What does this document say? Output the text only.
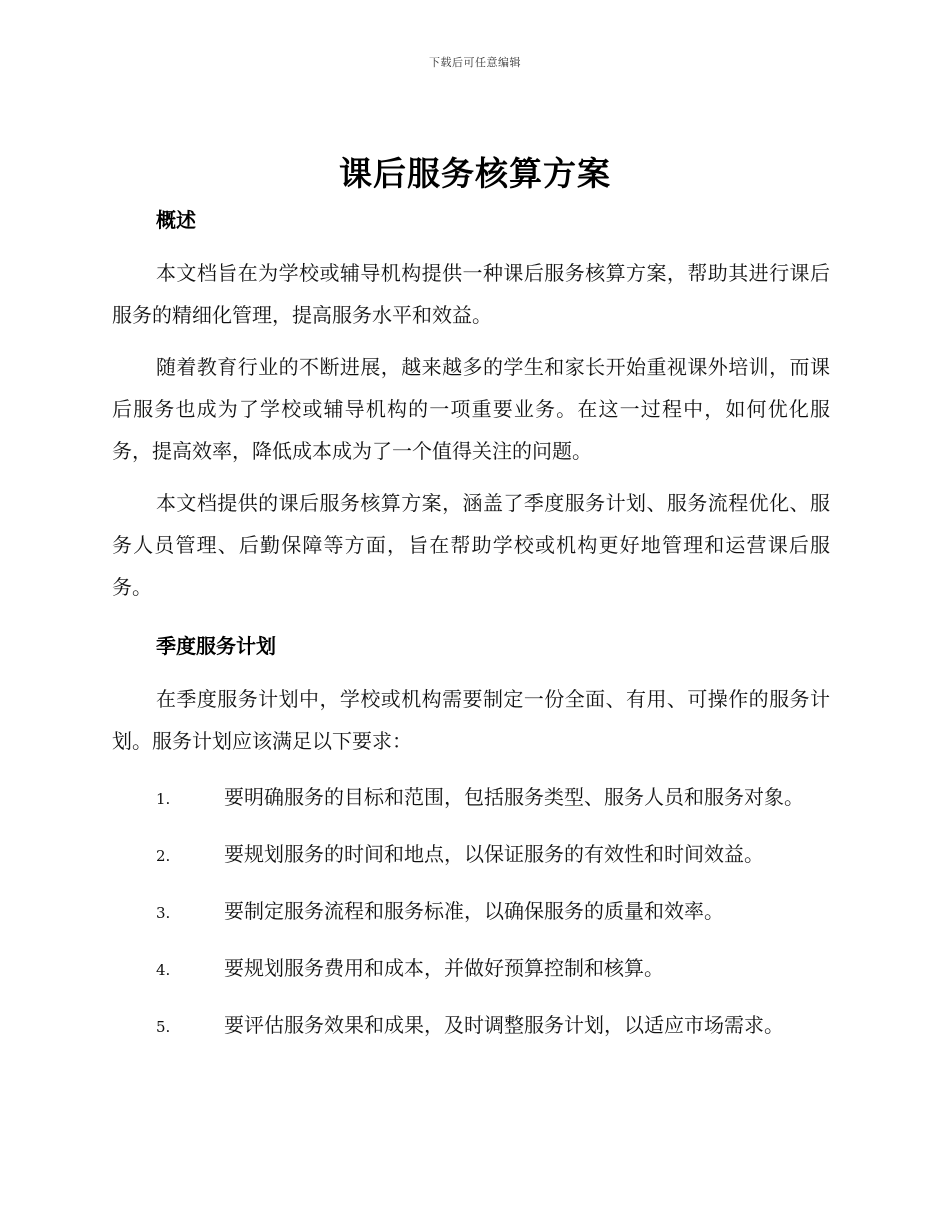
下载后可任意编辑
课后服务核算方案
概述

本文档旨在为学校或辅导机构提供一种课后服务核算方案，帮助其进行课后服务的精细化管理，提高服务水平和效益。

随着教育行业的不断进展，越来越多的学生和家长开始重视课外培训，而课后服务也成为了学校或辅导机构的一项重要业务。在这一过程中，如何优化服务，提高效率，降低成本成为了一个值得关注的问题。

本文档提供的课后服务核算方案，涵盖了季度服务计划、服务流程优化、服务人员管理、后勤保障等方面，旨在帮助学校或机构更好地管理和运营课后服务。

季度服务计划

在季度服务计划中，学校或机构需要制定一份全面、有用、可操作的服务计划。服务计划应该满足以下要求：

1.	要明确服务的目标和范围，包括服务类型、服务人员和服务对象。
2.	要规划服务的时间和地点，以保证服务的有效性和时间效益。
3.	要制定服务流程和服务标准，以确保服务的质量和效率。
4.	要规划服务费用和成本，并做好预算控制和核算。
5.	要评估服务效果和成果，及时调整服务计划，以适应市场需求。
